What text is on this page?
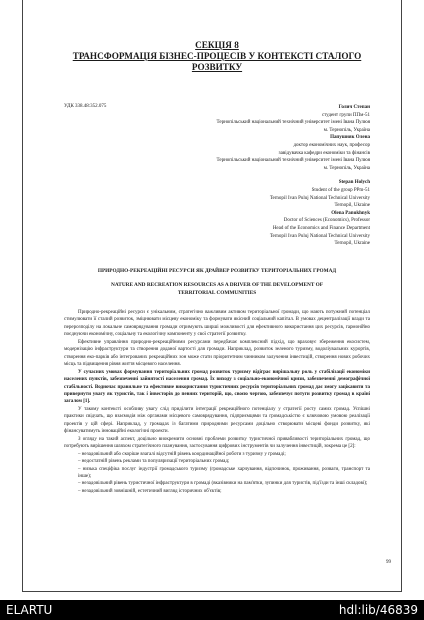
СЕКЦІЯ 8
ТРАНСФОРМАЦІЯ БІЗНЕС-ПРОЦЕСІВ У КОНТЕКСТІ СТАЛОГО
РОЗВИТКУ
УДК 338.48:352.075	Голич Степан
студент групи ППм-51
Тернопільський національний технічний університет імені Івана Пулюя
м. Тернопіль, Україна
Папушняк Олена
доктор економічних наук, професор
завідувачка кафедри економіки та фінансів
Тернопільський національний технічний університет імені Івана Пулюя
м. Тернопіль, Україна
Stepan Holych
Student of the group PPm-51
Ternopil Ivan Puluj National Technical University
Ternopil, Ukraine
Olena Panukhnyk
Doctor of Sciences (Economics), Professor
Head of the Economics and Finance Department
Ternopil Ivan Puluj National Technical University
Ternopil, Ukraine
ПРИРОДНО-РЕКРЕАЦІЙНІ РЕСУРСИ ЯК ДРАЙВЕР РОЗВИТКУ ТЕРИТОРІАЛЬНИХ ГРОМАД
NATURE AND RECREATION RESOURCES AS A DRIVER OF THE DEVELOPMENT OF
TERRITORIAL COMMUNITIES

Природно-рекреаційні ресурси є унікальним, стратегічно важливим активом територіальної громади, що мають потужний потенціал стимулювати її сталий розвиток, зміцнювати місцеву економіку та формувати якісний соціальний капітал. В умовах децентралізації влади та перерозподілу на локальне самоврядування громади отримують ширші можливості для ефективного використання цих ресурсів, гармонійно поєднуючи економічну, соціальну та екологічну компоненту у свої стратегії розвитку.

Ефективне управління природно-рекреаційними ресурсами передбачає комплексний підхід, що враховує збереження екосистем, модернізацію інфраструктури та створення доданої вартості для громади. Наприклад, розвиток зеленого туризму, водоліувальних курортів, створення еко-парків або інтегрованих рекреаційних зон може стати пріоритетним чинником залучення інвестицій, створення нових робочих місць та підвищення рівня життя місцевого населення.

У сучасних умовах формування територіальних громад розвиток туризму відіграє вирішальну роль у стабілізації економіки населених пунктів, забезпеченні зайнятості населення громад. Їх виходу з соціально-економічної кризи, забезпеченні демографічної стабільності. Водночас правильне та ефективне використання туристичних ресурсів територіальних громад дає змогу зацікавити та привернути увагу як туристів, так і інвесторів до певних територій, що, своєю чергою, забезпечує потуги розвитку громад в країні загалом [1].

У такому контексті особливу увагу слід приділити інтеграції рекреаційного потенціалу у стратегії росту самих громад. Успішні практики свідчать, що взаємодія між органами місцевого самоврядування, підприємцями та громадськістю є ключовою умовою реалізації проектів у цій сфері. Наприклад, у громадах із багатими природними ресурсами доцільно створювати місцеві фонди розвитку, які фінансуватимуть інноваційні екологічні проекти.

З огляду на такий аспект, доцільно виокремити основні проблеми розвитку туристичної привабливості територіальних громад, що потребують вирішення шляхом стратегічного планування, застосування цифрових інструментів чи залучення інвестицій, зокрема це [2]:

– незадовільний або скоріше взагалі відсутній рівень координаційної роботи з туризму у громаді;

– недостатній рівень реклами та популяризації територіальних громад;

– низька спеціфіка послуг індустрії громадського туризму (громадське харчування, відпочинок, проживання, розваги, транспорт та інше);

– незадовільний рівень туристичної інфраструктури в громаді (вказівники на пам'ятки, зупинки для туристів, під'їзди та інші складові);

– незадовільний зовнішній, естетичний вигляд історичних об'єктів;

99
ELARTU	hdl:lib/46839
